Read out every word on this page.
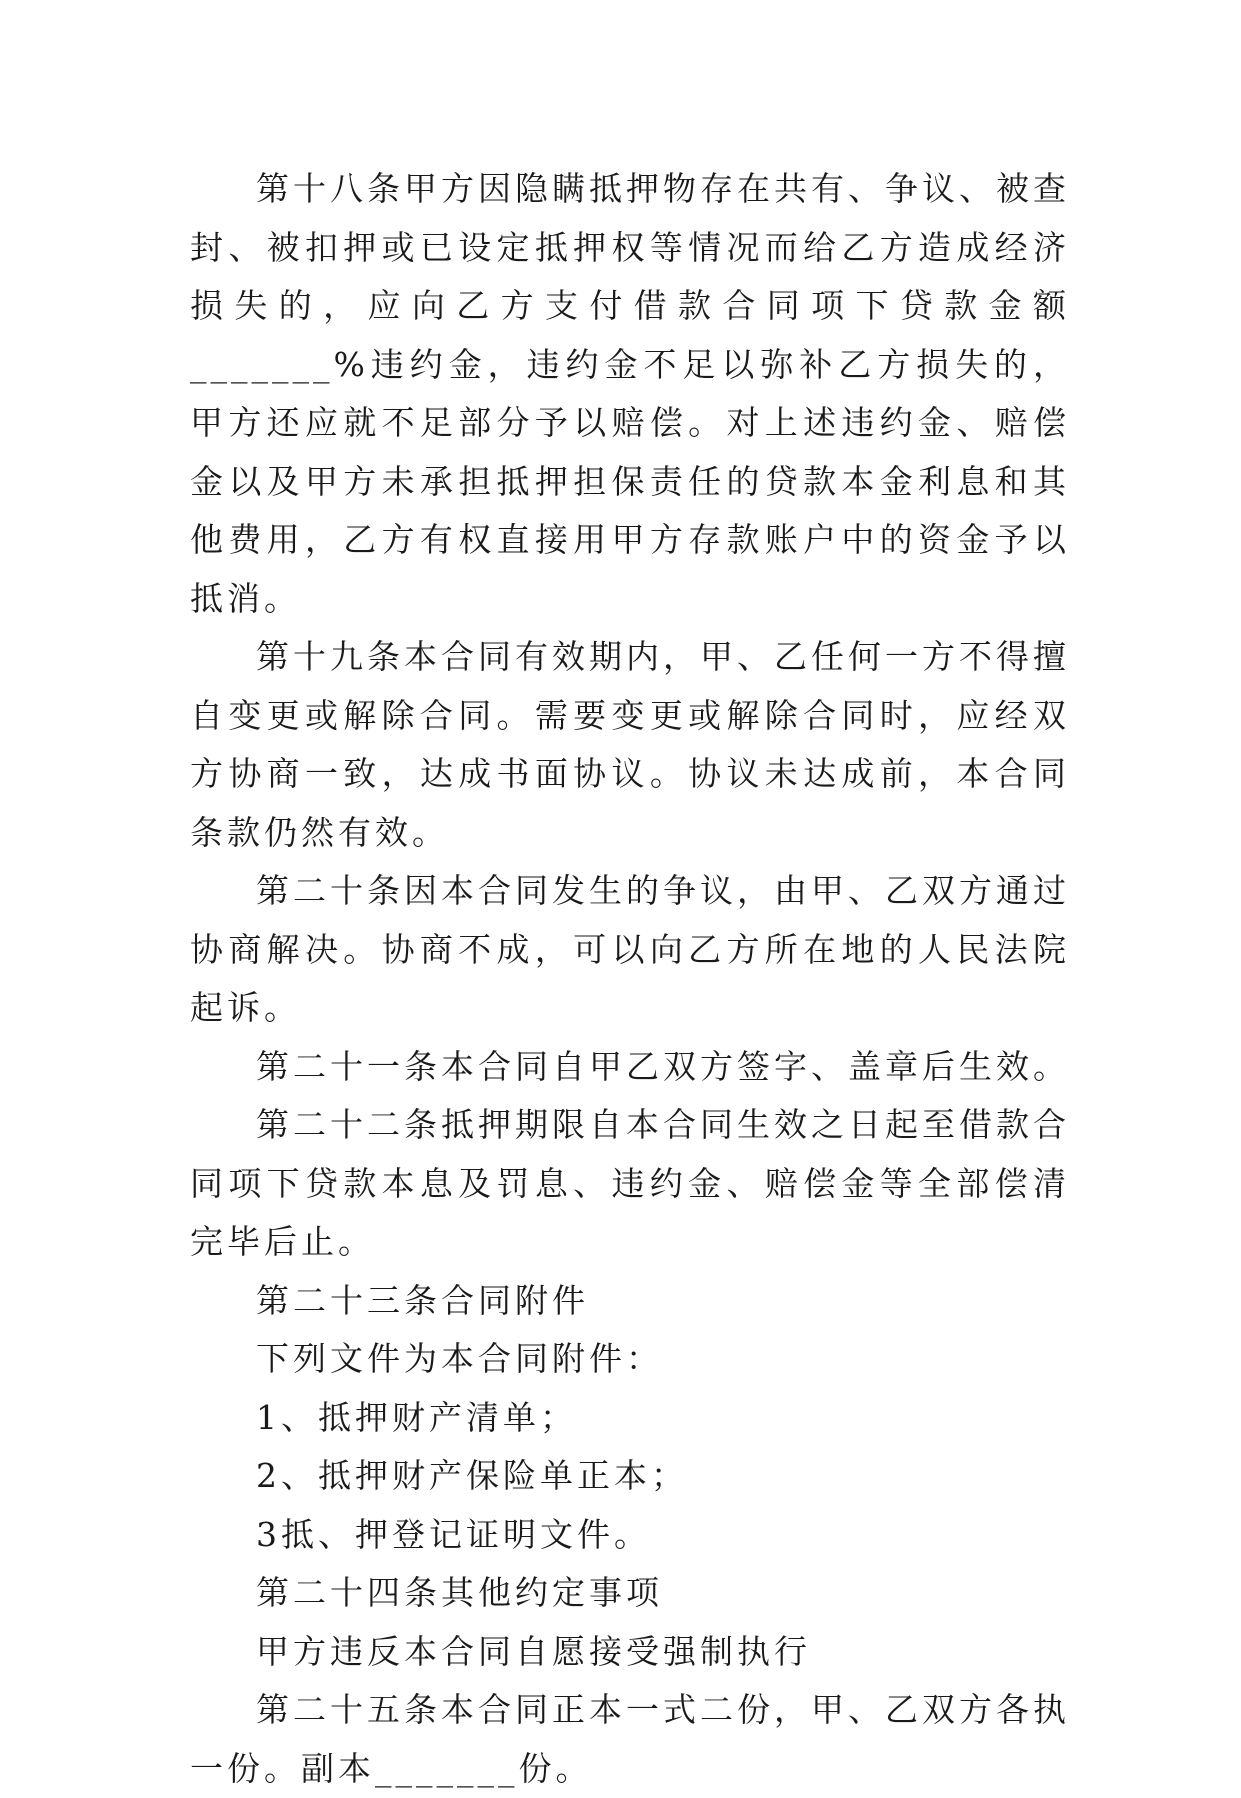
第十八条甲方因隐瞒抵押物存在共有、争议、被查封、被扣押或已设定抵押权等情况而给乙方造成经济损失的，应向乙方支付借款合同项下贷款金额 _______%违约金，违约金不足以弥补乙方损失的，甲方还应就不足部分予以赔偿。对上述违约金、赔偿金以及甲方未承担抵押担保责任的贷款本金利息和其他费用，乙方有权直接用甲方存款账户中的资金予以抵消。

第十九条本合同有效期内，甲、乙任何一方不得擅自变更或解除合同。需要变更或解除合同时，应经双方协商一致，达成书面协议。协议未达成前，本合同条款仍然有效。

第二十条因本合同发生的争议，由甲、乙双方通过协商解决。协商不成，可以向乙方所在地的人民法院起诉。

第二十一条本合同自甲乙双方签字、盖章后生效。

第二十二条抵押期限自本合同生效之日起至借款合同项下贷款本息及罚息、违约金、赔偿金等全部偿清完毕后止。

第二十三条合同附件

下列文件为本合同附件：

1、抵押财产清单；

2、抵押财产保险单正本；

3抵、押登记证明文件。

第二十四条其他约定事项

甲方违反本合同自愿接受强制执行

第二十五条本合同正本一式二份，甲、乙双方各执一份。副本_______份。
